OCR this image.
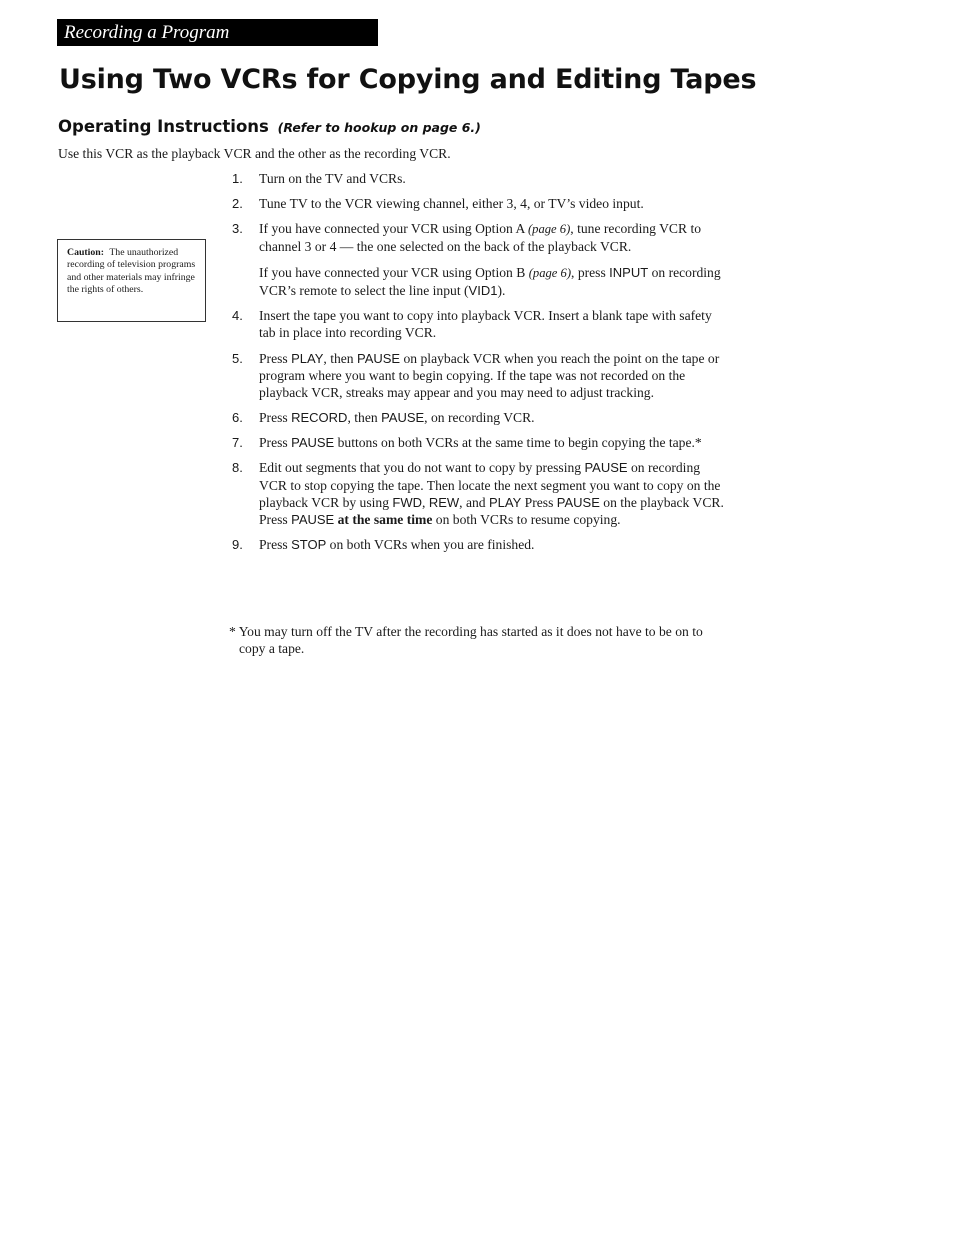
Recording a Program
Using Two VCRs for Copying and Editing Tapes
Operating Instructions (Refer to hookup on page 6.)

Use this VCR as the playback VCR and the other as the recording VCR.

Caution: The unauthorized recording of television programs and other materials may infringe the rights of others.
1. Turn on the TV and VCRs.

2. Tune TV to the VCR viewing channel, either 3, 4, or TV’s video input.

3. If you have connected your VCR using Option A (page 6), tune recording VCR to channel 3 or 4 — the one selected on the back of the playback VCR.

If you have connected your VCR using Option B (page 6), press INPUT on recording VCR’s remote to select the line input (VID1).

4. Insert the tape you want to copy into playback VCR. Insert a blank tape with safety tab in place into recording VCR.

5. Press PLAY, then PAUSE on playback VCR when you reach the point on the tape or program where you want to begin copying. If the tape was not recorded on the playback VCR, streaks may appear and you may need to adjust tracking.

6. Press RECORD, then PAUSE, on recording VCR.

7. Press PAUSE buttons on both VCRs at the same time to begin copying the tape.*

8. Edit out segments that you do not want to copy by pressing PAUSE on recording VCR to stop copying the tape. Then locate the next segment you want to copy on the playback VCR by using FWD, REW, and PLAY Press PAUSE on the playback VCR. Press PAUSE at the same time on both VCRs to resume copying.

9. Press STOP on both VCRs when you are finished.

* You may turn off the TV after the recording has started as it does not have to be on to copy a tape.
